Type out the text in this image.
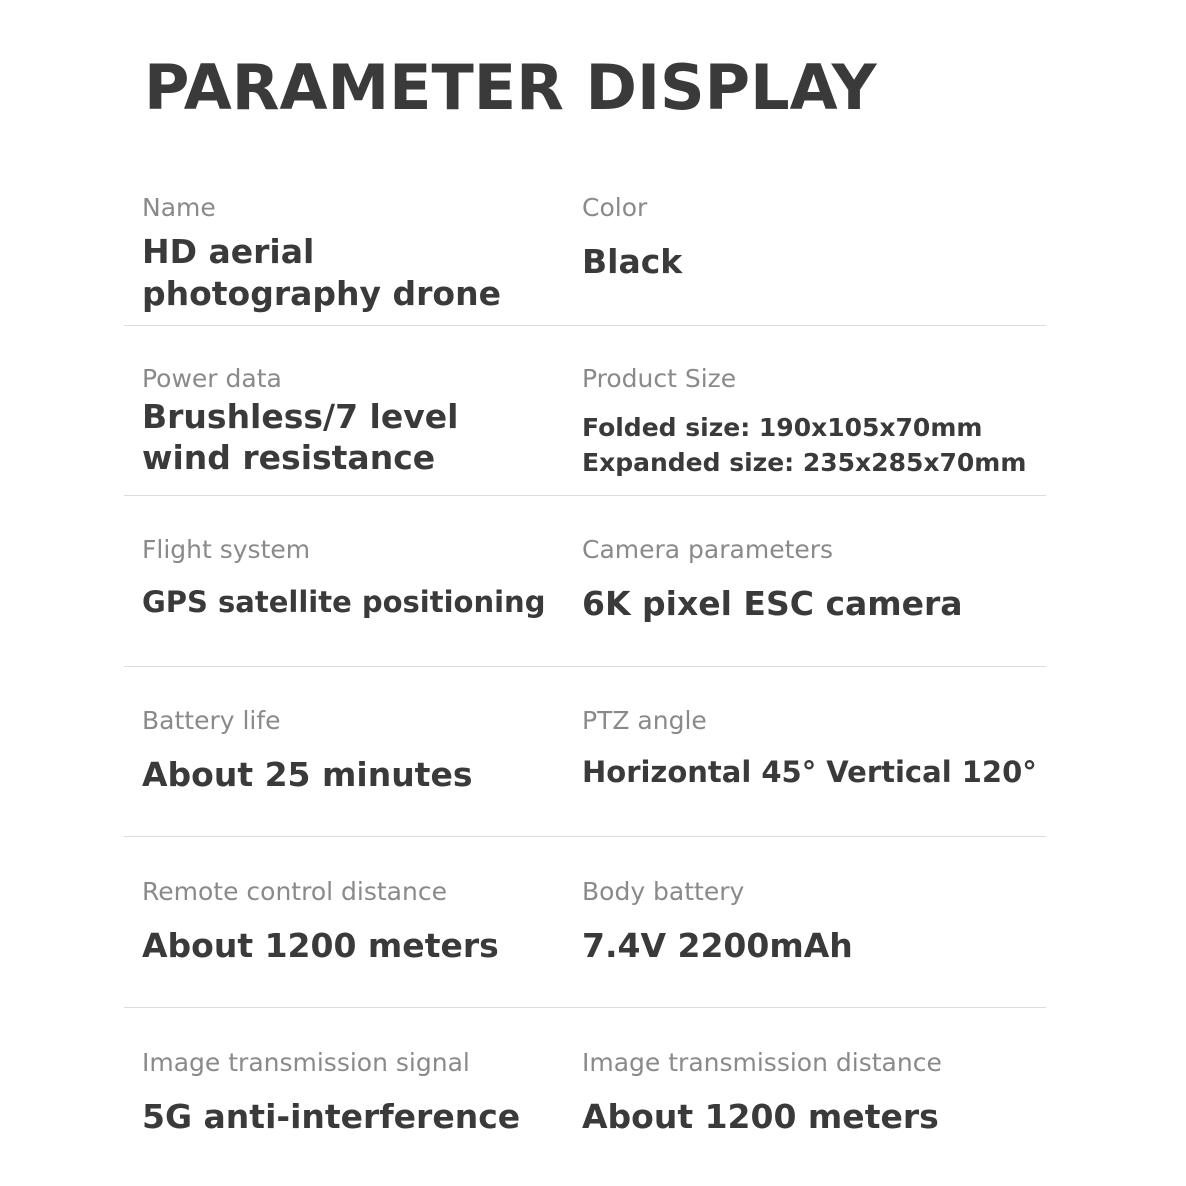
PARAMETER DISPLAY
Name
HD aerial
photography drone
Color
Black
Power data
Brushless/7 level
wind resistance
Product Size
Folded size: 190x105x70mm
Expanded size: 235x285x70mm
Flight system
GPS satellite positioning
Camera parameters
6K pixel ESC camera
Battery life
About 25 minutes
PTZ angle
Horizontal 45° Vertical 120°
Remote control distance
About 1200 meters
Body battery
7.4V 2200mAh
Image transmission signal
5G anti-interference
Image transmission distance
About 1200 meters
